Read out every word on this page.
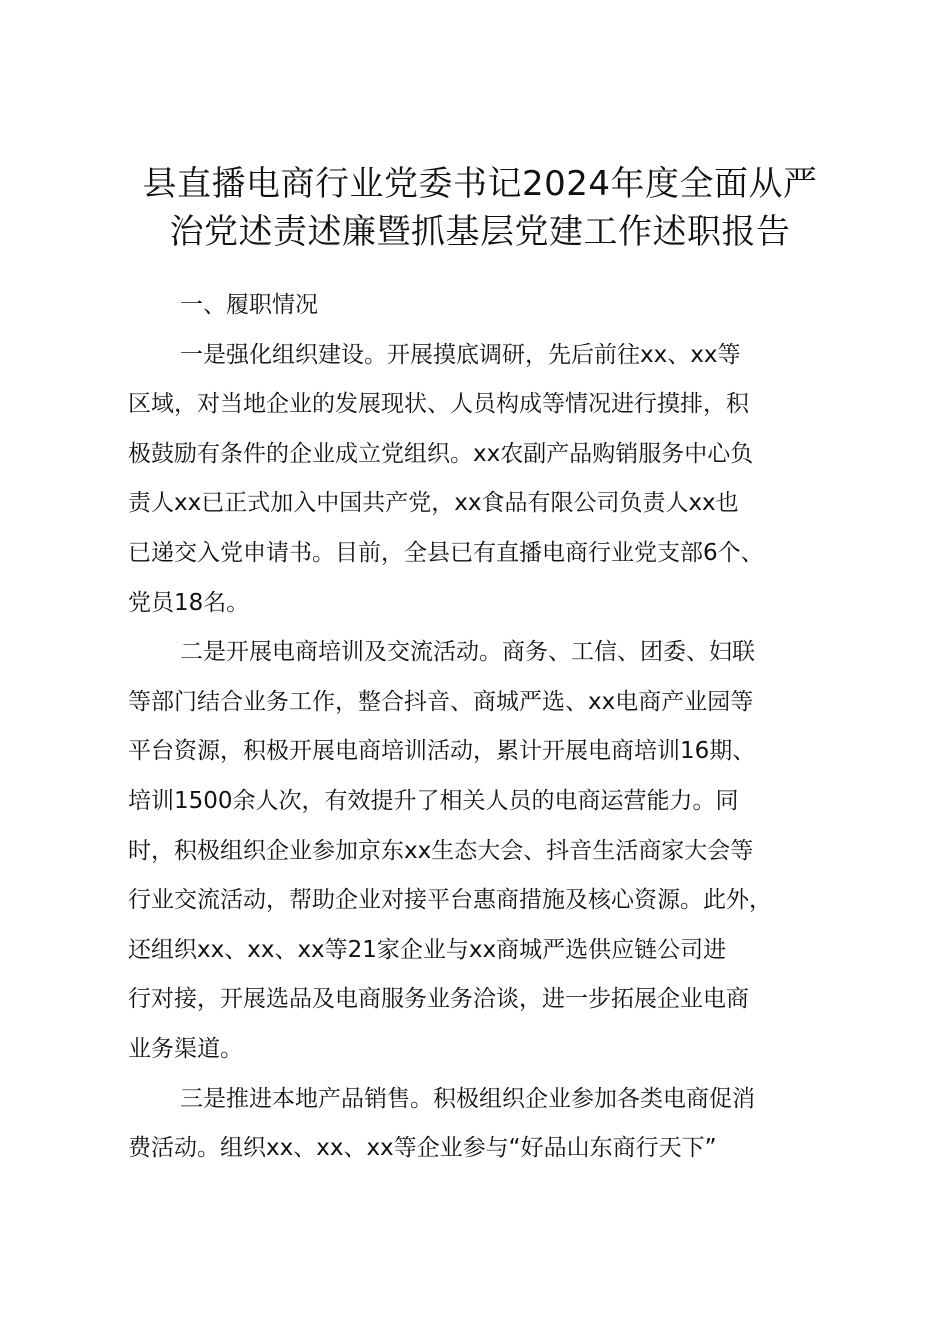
县直播电商行业党委书记2024年度全面从严
治党述责述廉暨抓基层党建工作述职报告

一、履职情况

一是强化组织建设。开展摸底调研，先后前往xx、xx等
区域，对当地企业的发展现状、人员构成等情况进行摸排，积
极鼓励有条件的企业成立党组织。xx农副产品购销服务中心负
责人xx已正式加入中国共产党，xx食品有限公司负责人xx也
已递交入党申请书。目前，全县已有直播电商行业党支部6个、
党员18名。

二是开展电商培训及交流活动。商务、工信、团委、妇联
等部门结合业务工作，整合抖音、商城严选、xx电商产业园等
平台资源，积极开展电商培训活动，累计开展电商培训16期、
培训1500余人次，有效提升了相关人员的电商运营能力。同
时，积极组织企业参加京东xx生态大会、抖音生活商家大会等
行业交流活动，帮助企业对接平台惠商措施及核心资源。此外，
还组织xx、xx、xx等21家企业与xx商城严选供应链公司进
行对接，开展选品及电商服务业务洽谈，进一步拓展企业电商
业务渠道。

三是推进本地产品销售。积极组织企业参加各类电商促消
费活动。组织xx、xx、xx等企业参与“好品山东商行天下”
